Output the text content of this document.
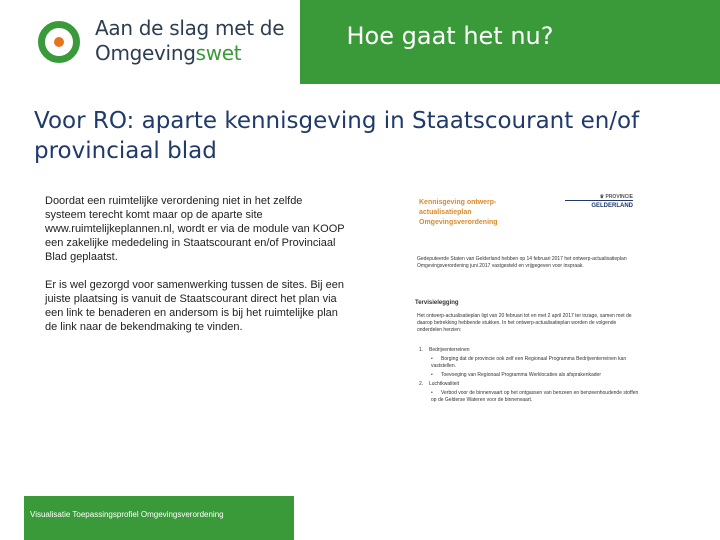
Aan de slag met de
Omgevingswet
Hoe gaat het nu?
Voor RO: aparte kennisgeving in Staatscourant en/of provinciaal blad

Doordat een ruimtelijke verordening niet in het zelfde systeem terecht komt maar op de aparte site www.ruimtelijkeplannen.nl, wordt er via de module van KOOP een zakelijke mededeling in Staatscourant en/of Provinciaal Blad geplaatst.

Er is wel gezorgd voor samenwerking tussen de sites. Bij een juiste plaatsing is vanuit de Staatscourant direct het plan via een link te benaderen en andersom is bij het ruimtelijke plan de link naar de bekendmaking te vinden.

Kennisgeving ontwerp-actualisatieplan Omgevingsverordening
♛ PROVINCIE
GELDERLAND
Gedeputeerde Staten van Gelderland hebben op 14 februari 2017 het ontwerp-actualisatieplan Omgevingsverordening juni 2017 vastgesteld en vrijgegeven voor inspraak.
Tervisielegging
Het ontwerp-actualisatieplan ligt van 20 februari tot en met 2 april 2017 ter inzage, samen met de daarop betrekking hebbende stukken. In het ontwerp-actualisatieplan worden de volgende onderdelen herzien:
1. Bedrijventerreinen
• Borging dat de provincie ook zelf een Regionaal Programma Bedrijventerreinen kan vaststellen.
• Toevoeging van Regionaal Programma Werklocaties als afsprakenkader
2. Luchtkwaliteit
• Verbod voor de binnenvaart op het ontgassen van benzeen en benzeenhoudende stoffen op de Gelderse Wateren voor de binnenvaart.
Visualisatie Toepassingsprofiel Omgevingsverordening
